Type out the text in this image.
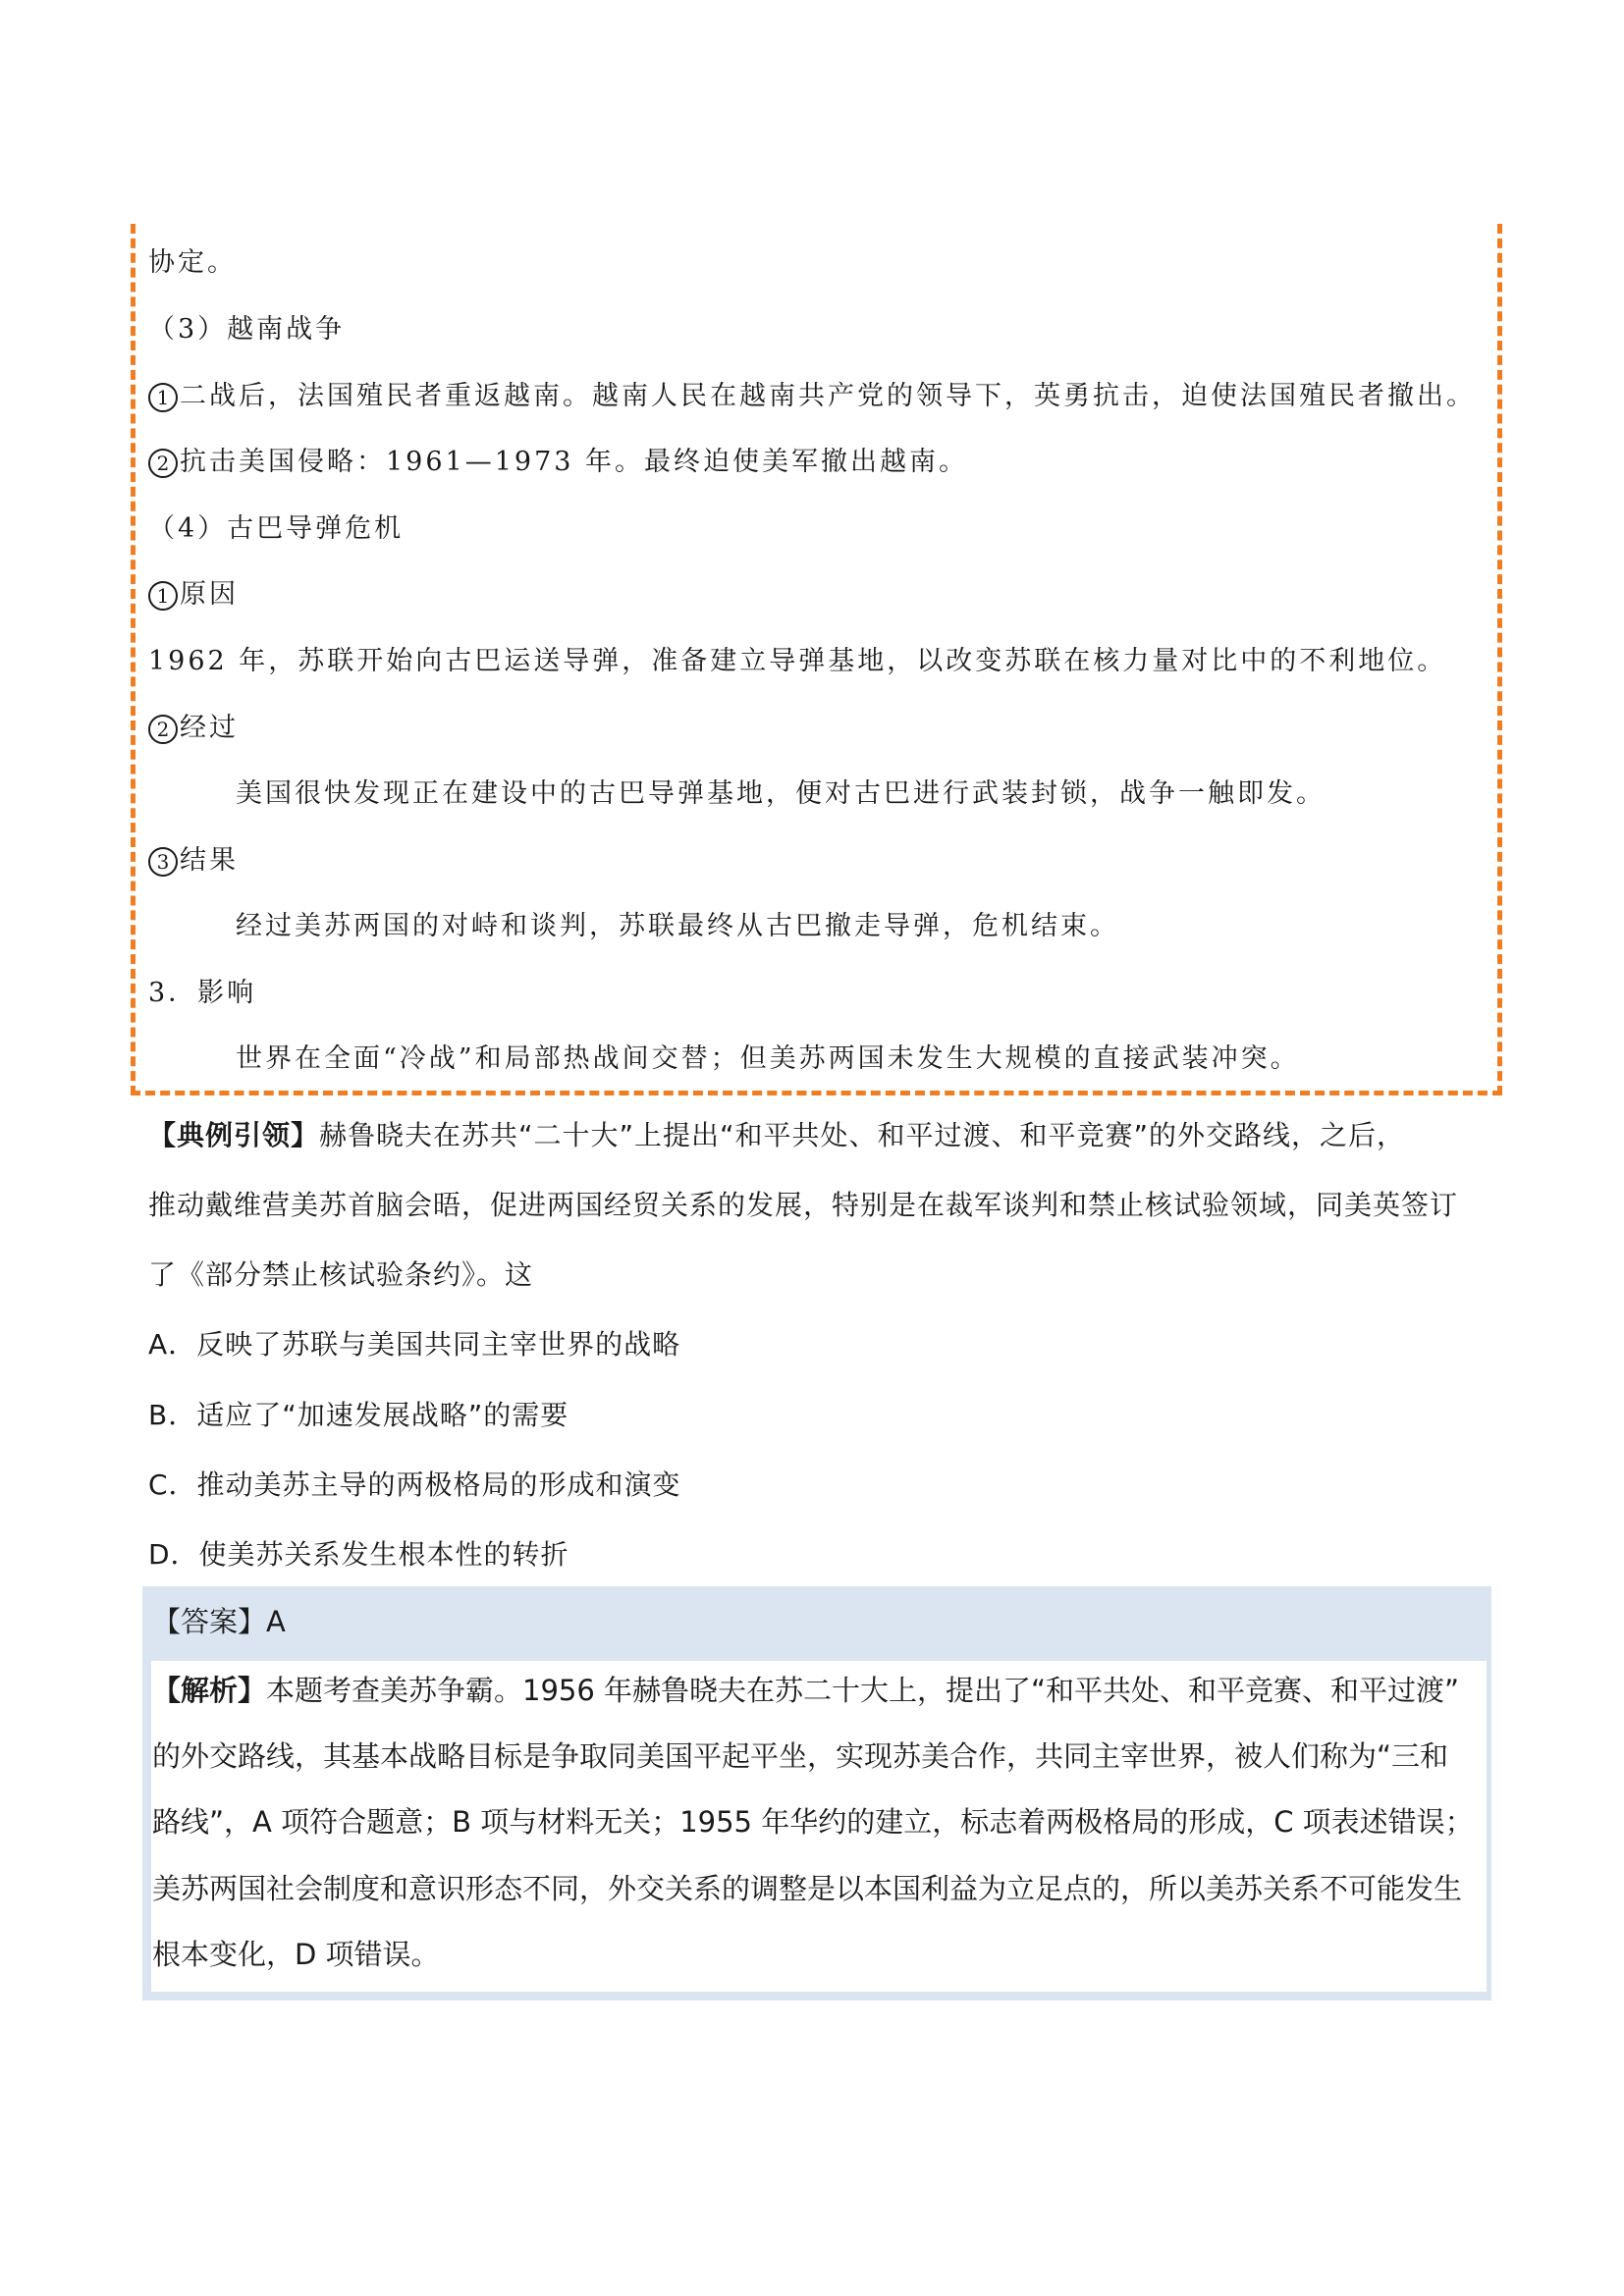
协定。
（3）越南战争
1 二战后，法国殖民者重返越南。越南人民在越南共产党的领导下，英勇抗击，迫使法国殖民者撤出。
2 抗击美国侵略：1961—1973 年。最终迫使美军撤出越南。
（4）古巴导弹危机
1 原因
1962 年，苏联开始向古巴运送导弹，准备建立导弹基地，以改变苏联在核力量对比中的不利地位。
2 经过
美国很快发现正在建设中的古巴导弹基地，便对古巴进行武装封锁，战争一触即发。
3 结果
经过美苏两国的对峙和谈判，苏联最终从古巴撤走导弹，危机结束。
3．影响
世界在全面“冷战”和局部热战间交替；但美苏两国未发生大规模的直接武装冲突。
【典例引领】赫鲁晓夫在苏共“二十大”上提出“和平共处、和平过渡、和平竞赛”的外交路线，之后，
推动戴维营美苏首脑会晤，促进两国经贸关系的发展，特别是在裁军谈判和禁止核试验领域，同美英签订
了《部分禁止核试验条约》。这
A．反映了苏联与美国共同主宰世界的战略
B．适应了“加速发展战略”的需要
C．推动美苏主导的两极格局的形成和演变
D．使美苏关系发生根本性的转折
【答案】A
【解析】本题考查美苏争霸。1956 年赫鲁晓夫在苏二十大上，提出了“和平共处、和平竞赛、和平过渡”
的外交路线，其基本战略目标是争取同美国平起平坐，实现苏美合作，共同主宰世界，被人们称为“三和
路线”，A 项符合题意；B 项与材料无关；1955 年华约的建立，标志着两极格局的形成，C 项表述错误；
美苏两国社会制度和意识形态不同，外交关系的调整是以本国利益为立足点的，所以美苏关系不可能发生
根本变化，D 项错误。
